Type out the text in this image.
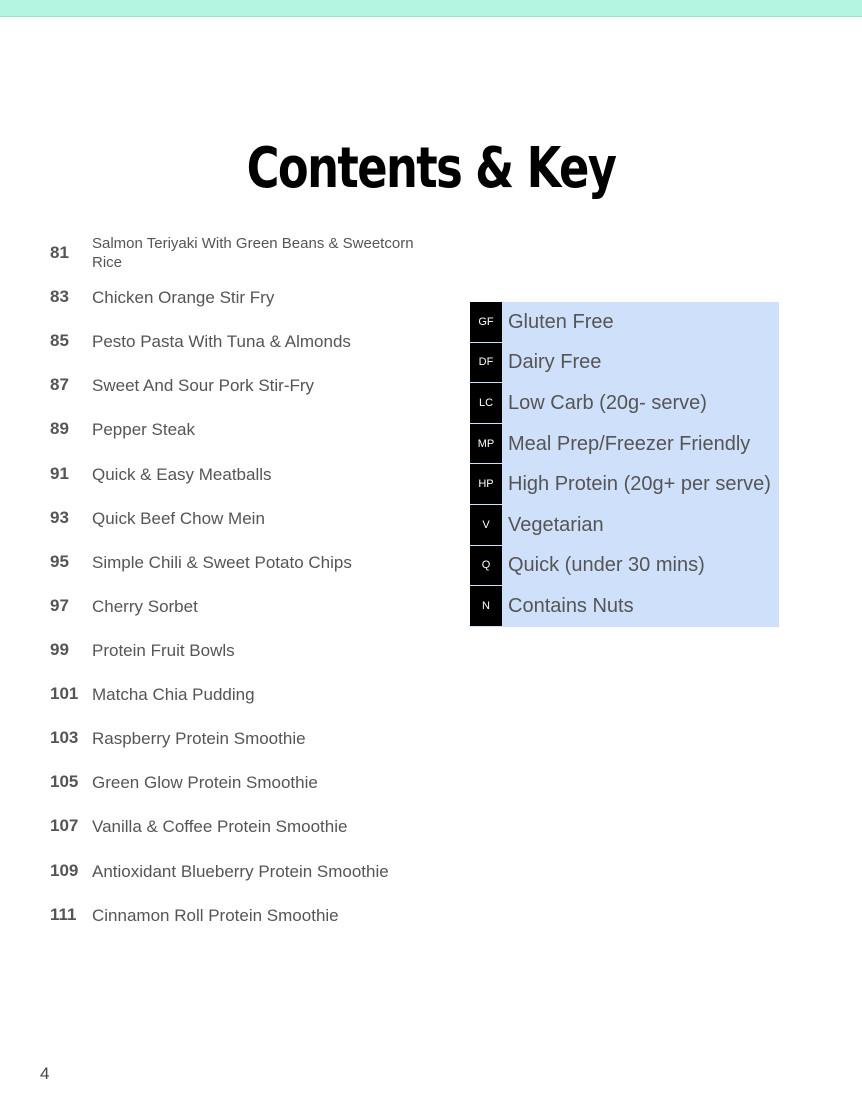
Contents & Key
81	Salmon Teriyaki With Green Beans & Sweetcorn Rice
83	Chicken Orange Stir Fry
85	Pesto Pasta With Tuna & Almonds
87	Sweet And Sour Pork Stir-Fry
89	Pepper Steak
91	Quick & Easy Meatballs
93	Quick Beef Chow Mein
95	Simple Chili & Sweet Potato Chips
97	Cherry Sorbet
99	Protein Fruit Bowls
101 Matcha Chia Pudding
103 Raspberry Protein Smoothie
105 Green Glow Protein Smoothie
107 Vanilla & Coffee Protein Smoothie
109 Antioxidant Blueberry Protein Smoothie
111 Cinnamon Roll Protein Smoothie
GF Gluten Free
DF Dairy Free
LC Low Carb (20g- serve)
MP Meal Prep/Freezer Friendly
HP High Protein (20g+ per serve)
V Vegetarian
Q Quick (under 30 mins)
N Contains Nuts
4
